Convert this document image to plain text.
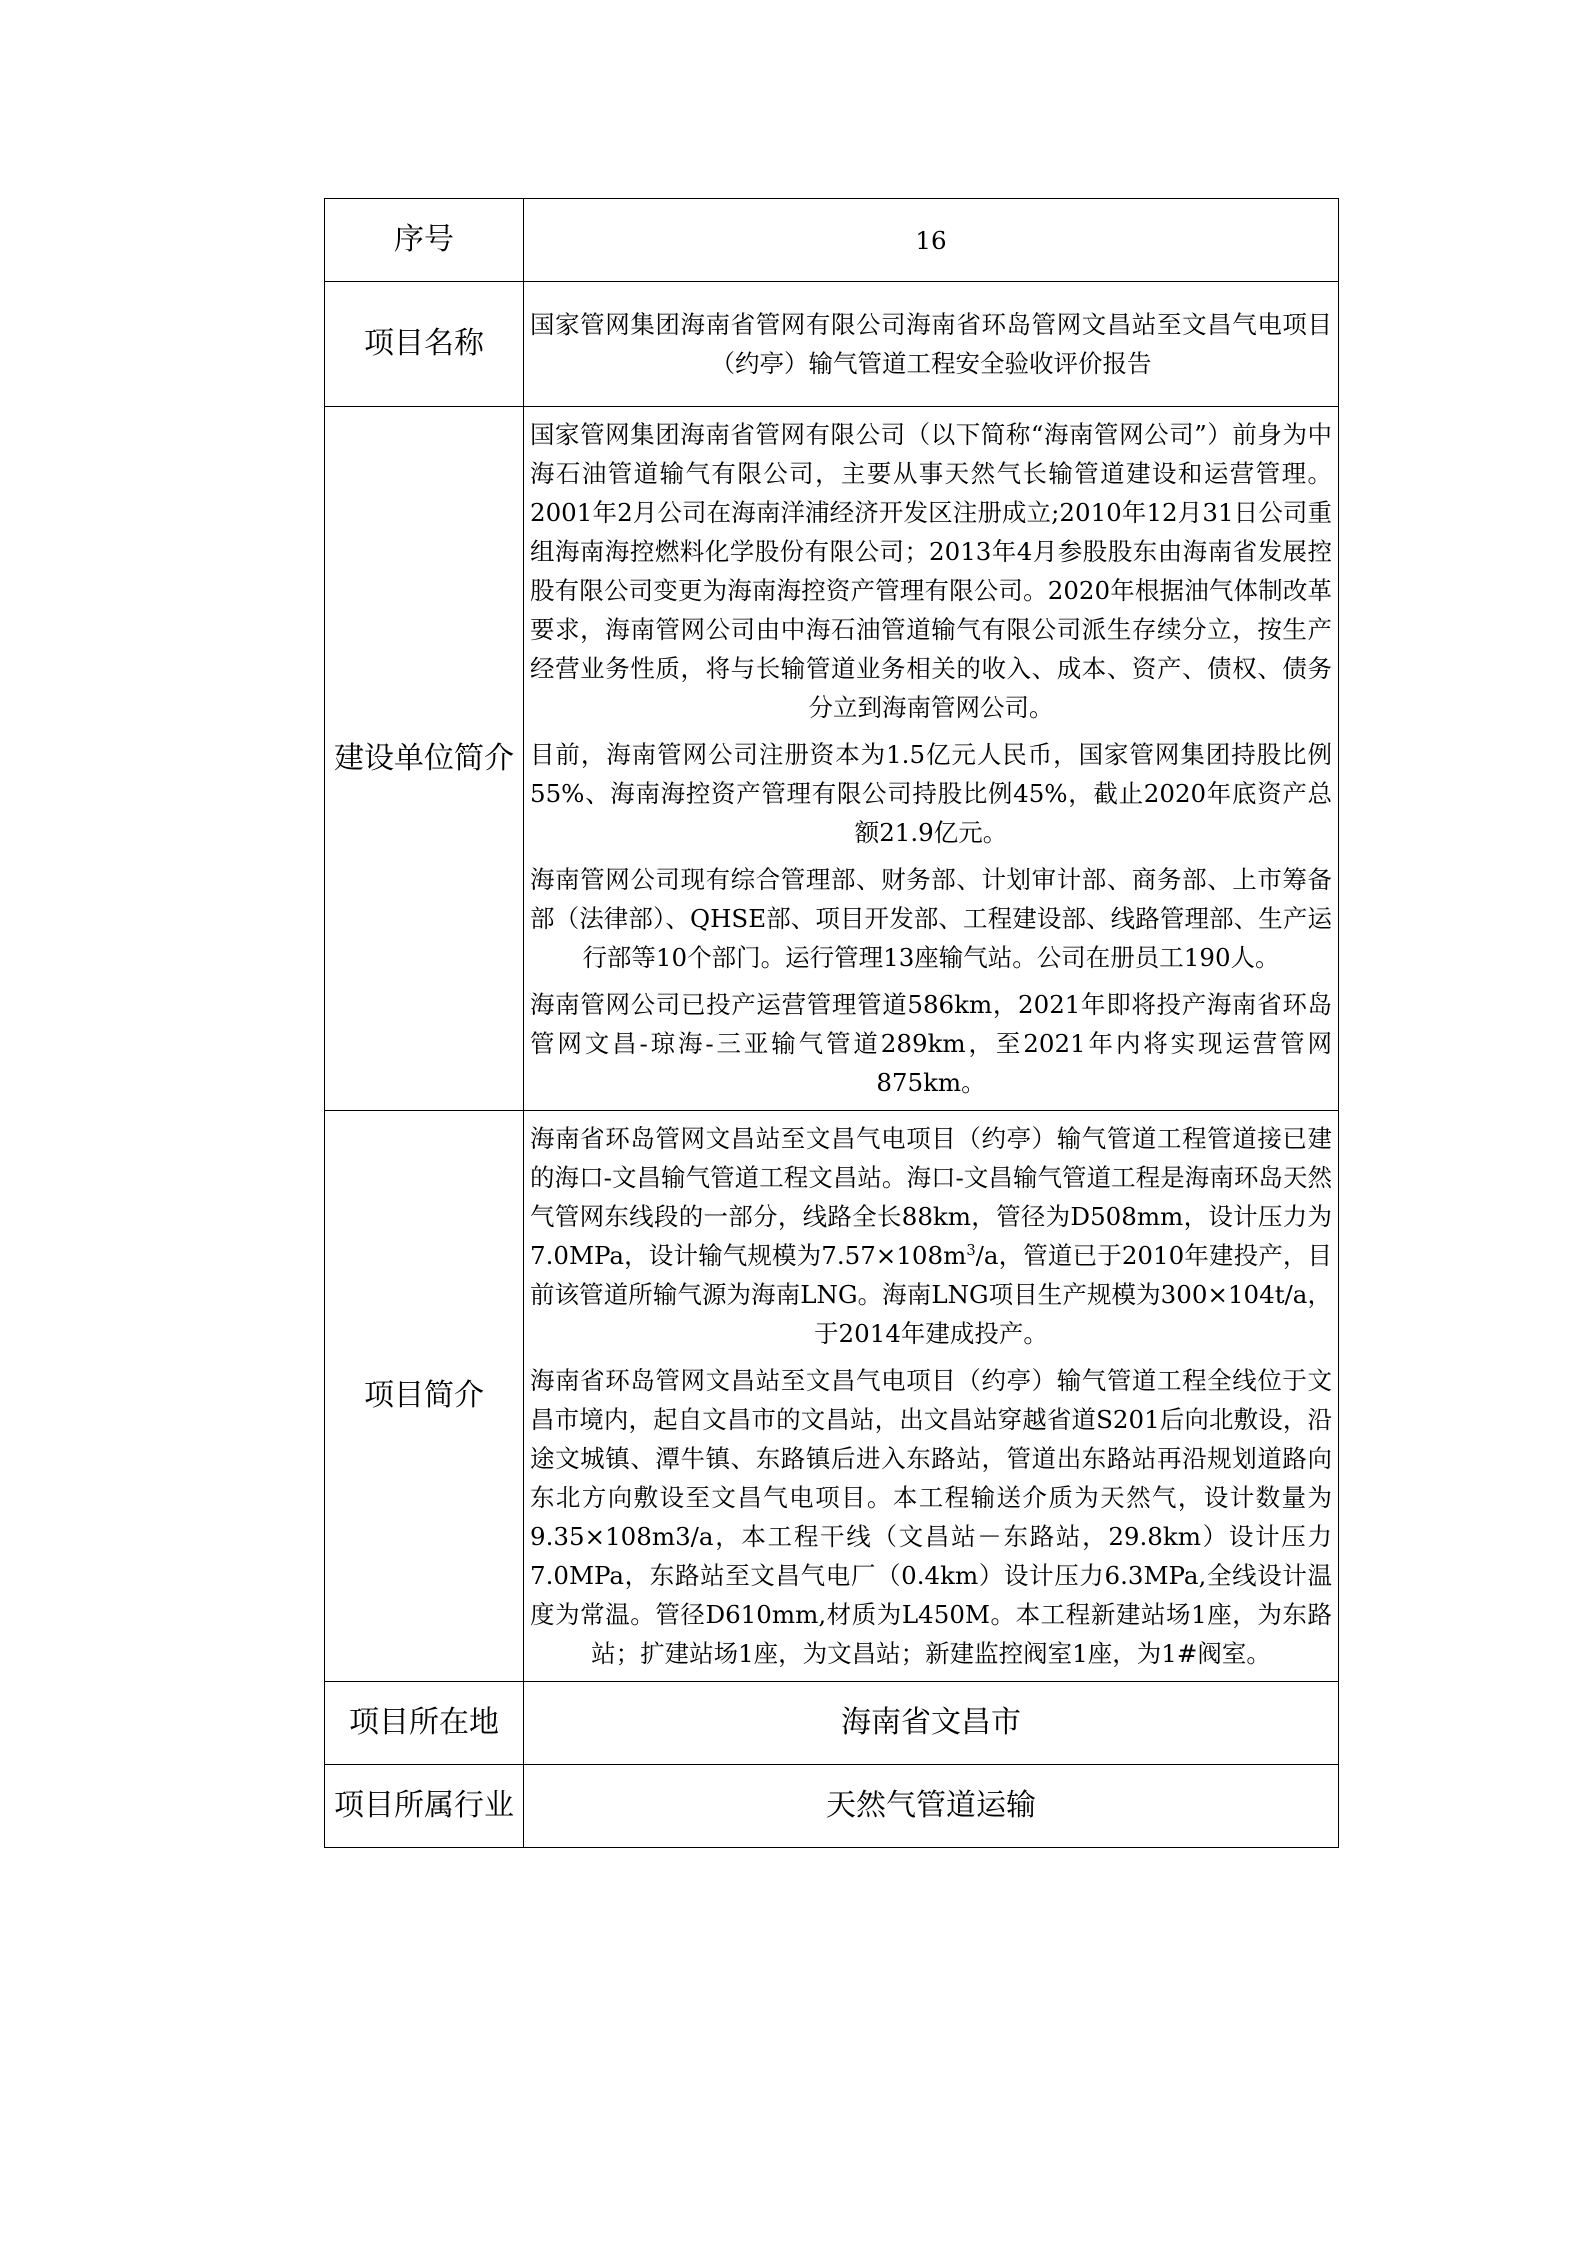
序号	16
项目名称	国家管网集团海南省管网有限公司海南省环岛管网文昌站至文昌气电项目（约亭）输气管道工程安全验收评价报告
建设单位简介	国家管网集团海南省管网有限公司（以下简称“海南管网公司”）前身为中海石油管道输气有限公司，主要从事天然气长输管道建设和运营管理。2001年2月公司在海南洋浦经济开发区注册成立;2010年12月31日公司重组海南海控燃料化学股份有限公司；2013年4月参股股东由海南省发展控股有限公司变更为海南海控资产管理有限公司。2020年根据油气体制改革要求，海南管网公司由中海石油管道输气有限公司派生存续分立，按生产经营业务性质，将与长输管道业务相关的收入、成本、资产、债权、债务分立到海南管网公司。

目前，海南管网公司注册资本为1.5亿元人民币，国家管网集团持股比例55%、海南海控资产管理有限公司持股比例45%，截止2020年底资产总额21.9亿元。

海南管网公司现有综合管理部、财务部、计划审计部、商务部、上市筹备部（法律部）、QHSE部、项目开发部、工程建设部、线路管理部、生产运行部等10个部门。运行管理13座输气站。公司在册员工190人。

海南管网公司已投产运营管理管道586km，2021年即将投产海南省环岛管网文昌-琼海-三亚输气管道289km，至2021年内将实现运营管网875km。

项目简介	海南省环岛管网文昌站至文昌气电项目（约亭）输气管道工程管道接已建的海口-文昌输气管道工程文昌站。海口-文昌输气管道工程是海南环岛天然气管网东线段的一部分，线路全长88km，管径为D508mm，设计压力为7.0MPa，设计输气规模为$7.57\times 108m^3/a$，管道已于2010年建投产，目前该管道所输气源为海南LNG。海南LNG项目生产规模为300×104t/a，于2014年建成投产。

海南省环岛管网文昌站至文昌气电项目（约亭）输气管道工程全线位于文昌市境内，起自文昌市的文昌站，出文昌站穿越省道S201后向北敷设，沿途文城镇、潭牛镇、东路镇后进入东路站，管道出东路站再沿规划道路向东北方向敷设至文昌气电项目。本工程输送介质为天然气，设计数量为9.35×108m3/a，本工程干线（文昌站－东路站，29.8km）设计压力7.0MPa，东路站至文昌气电厂（0.4km）设计压力6.3MPa,全线设计温度为常温。管径D610mm,材质为L450M。本工程新建站场1座，为东路站；扩建站场1座，为文昌站；新建监控阀室1座，为1#阀室。

项目所在地	海南省文昌市
项目所属行业	天然气管道运输
